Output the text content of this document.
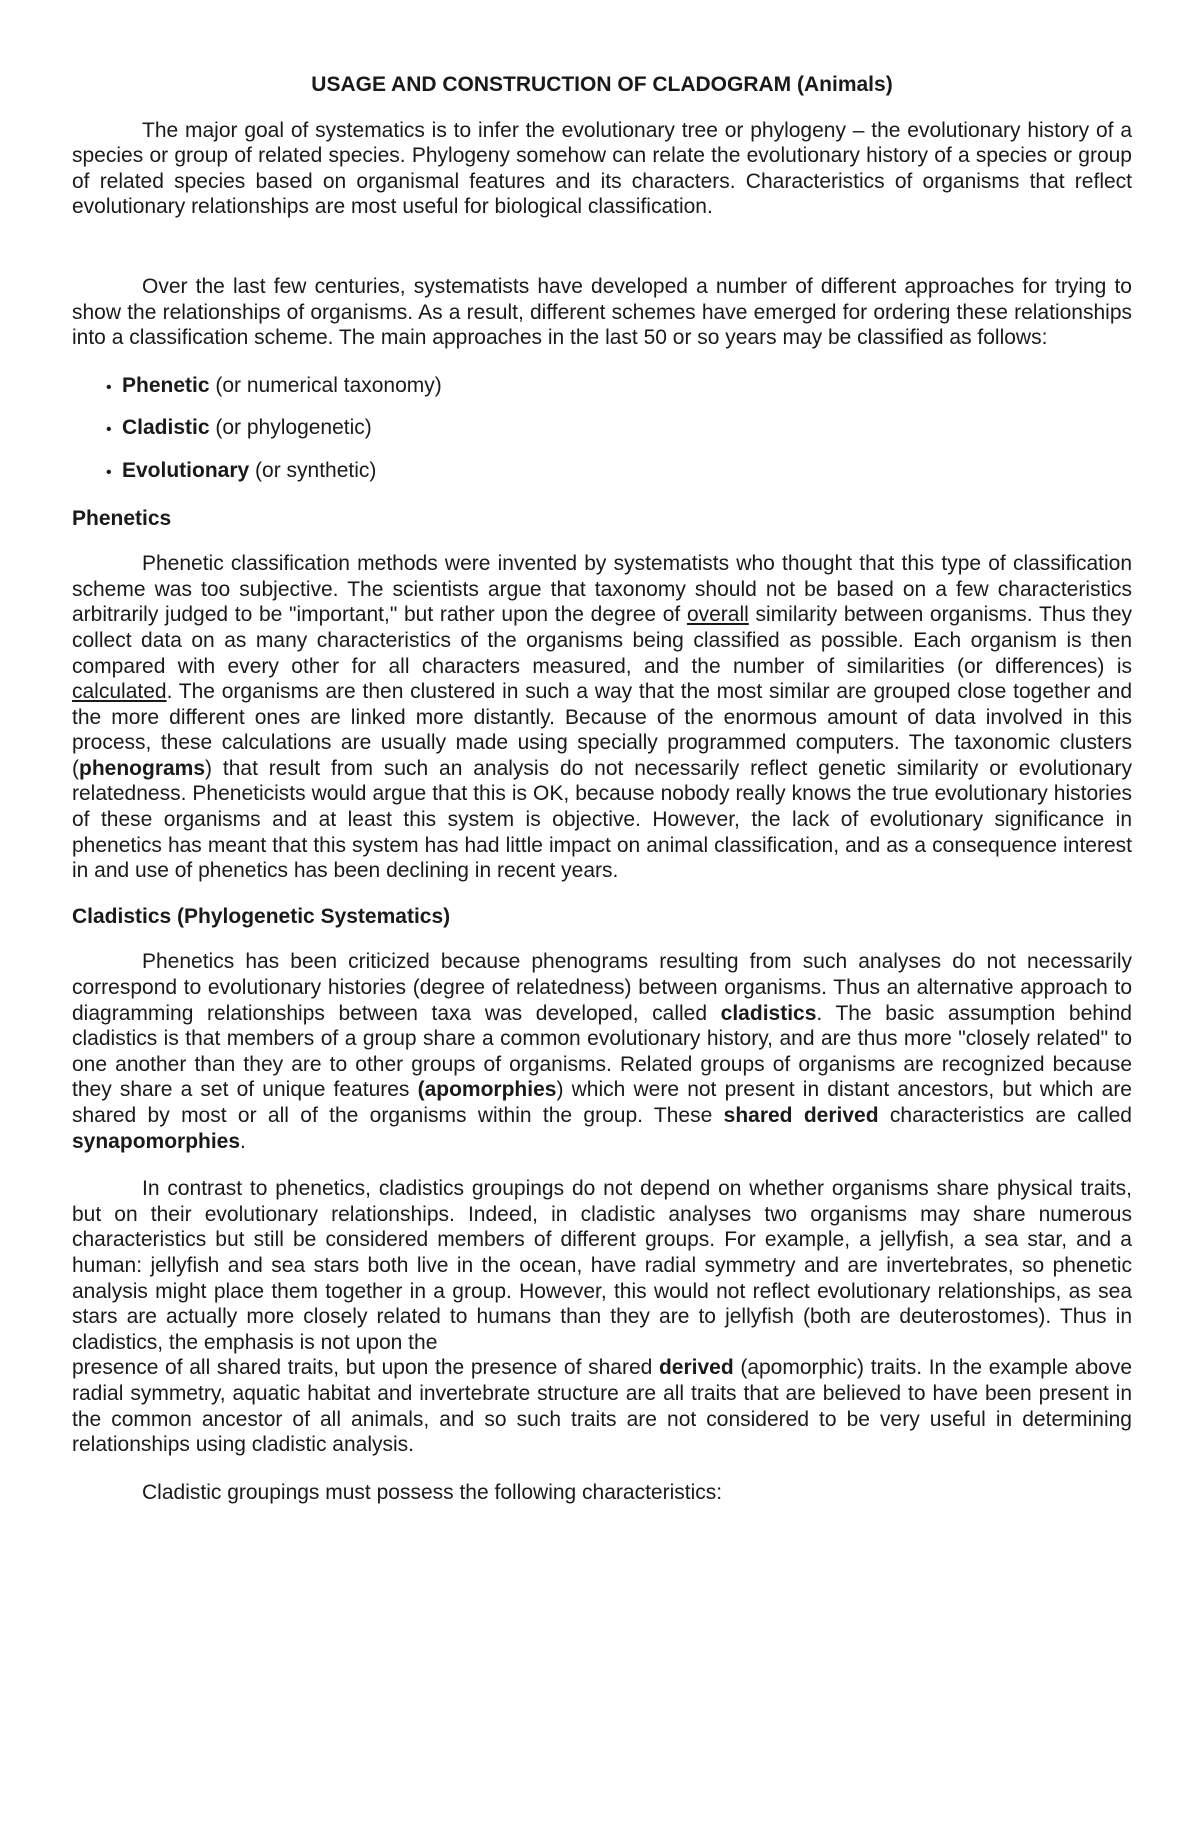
USAGE AND CONSTRUCTION OF CLADOGRAM (Animals)

The major goal of systematics is to infer the evolutionary tree or phylogeny – the evolutionary history of a species or group of related species. Phylogeny somehow can relate the evolutionary history of a species or group of related species based on organismal features and its characters. Characteristics of organisms that reflect evolutionary relationships are most useful for biological classification.

Over the last few centuries, systematists have developed a number of different approaches for trying to show the relationships of organisms. As a result, different schemes have emerged for ordering these relationships into a classification scheme. The main approaches in the last 50 or so years may be classified as follows:

• Phenetic (or numerical taxonomy)
• Cladistic (or phylogenetic)
• Evolutionary (or synthetic)
Phenetics

Phenetic classification methods were invented by systematists who thought that this type of classification scheme was too subjective. The scientists argue that taxonomy should not be based on a few characteristics arbitrarily judged to be "important," but rather upon the degree of overall similarity between organisms. Thus they collect data on as many characteristics of the organisms being classified as possible. Each organism is then compared with every other for all characters measured, and the number of similarities (or differences) is calculated. The organisms are then clustered in such a way that the most similar are grouped close together and the more different ones are linked more distantly. Because of the enormous amount of data involved in this process, these calculations are usually made using specially programmed computers. The taxonomic clusters (phenograms) that result from such an analysis do not necessarily reflect genetic similarity or evolutionary relatedness. Pheneticists would argue that this is OK, because nobody really knows the true evolutionary histories of these organisms and at least this system is objective. However, the lack of evolutionary significance in phenetics has meant that this system has had little impact on animal classification, and as a consequence interest in and use of phenetics has been declining in recent years.

Cladistics (Phylogenetic Systematics)

Phenetics has been criticized because phenograms resulting from such analyses do not necessarily correspond to evolutionary histories (degree of relatedness) between organisms. Thus an alternative approach to diagramming relationships between taxa was developed, called cladistics. The basic assumption behind cladistics is that members of a group share a common evolutionary history, and are thus more "closely related" to one another than they are to other groups of organisms. Related groups of organisms are recognized because they share a set of unique features (apomorphies) which were not present in distant ancestors, but which are shared by most or all of the organisms within the group. These shared derived characteristics are called synapomorphies.

In contrast to phenetics, cladistics groupings do not depend on whether organisms share physical traits, but on their evolutionary relationships. Indeed, in cladistic analyses two organisms may share numerous characteristics but still be considered members of different groups. For example, a jellyfish, a sea star, and a human: jellyfish and sea stars both live in the ocean, have radial symmetry and are invertebrates, so phenetic analysis might place them together in a group. However, this would not reflect evolutionary relationships, as sea stars are actually more closely related to humans than they are to jellyfish (both are deuterostomes). Thus in cladistics, the emphasis is not upon the

presence of all shared traits, but upon the presence of shared derived (apomorphic) traits. In the example above radial symmetry, aquatic habitat and invertebrate structure are all traits that are believed to have been present in the common ancestor of all animals, and so such traits are not considered to be very useful in determining relationships using cladistic analysis.

Cladistic groupings must possess the following characteristics:
